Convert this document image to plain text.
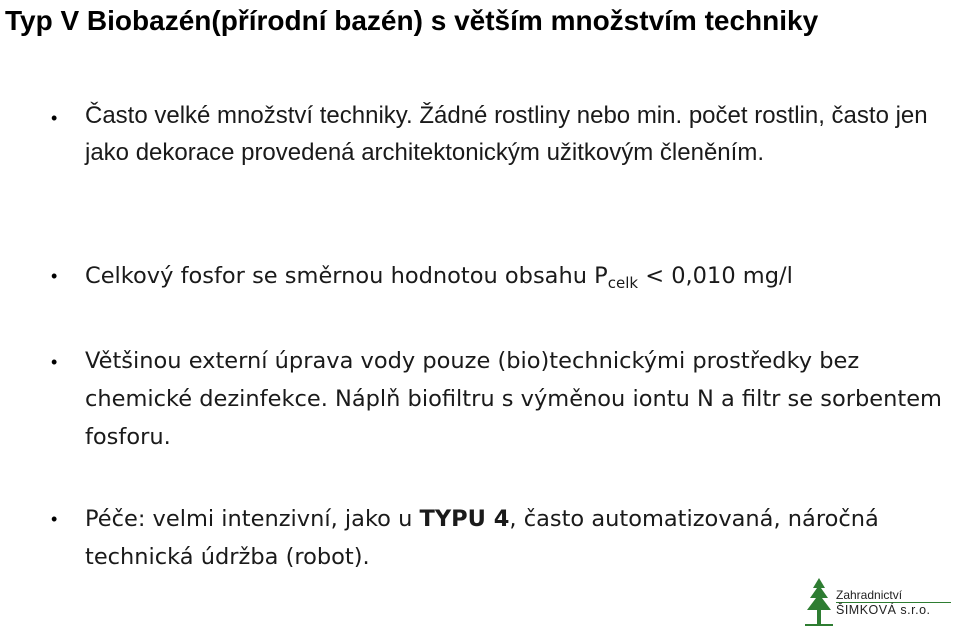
Typ V Biobazén(přírodní bazén) s větším množstvím techniky
• Často velké množství techniky. Žádné rostliny nebo min. počet rostlin, často jen jako dekorace provedená architektonickým užitkovým členěním.
• Celkový fosfor se směrnou hodnotou obsahu $P_{celk} < 0,010$ mg/l
• Většinou externí úprava vody pouze (bio)technickými prostředky bez chemické dezinfekce. Náplň biofiltru s výměnou iontu N a filtr se sorbentem fosforu.
• Péče: velmi intenzivní, jako u TYPU 4, často automatizovaná, náročná technická údržba (robot).
Zahradnictví
ŠIMKOVÁ s.r.o.
